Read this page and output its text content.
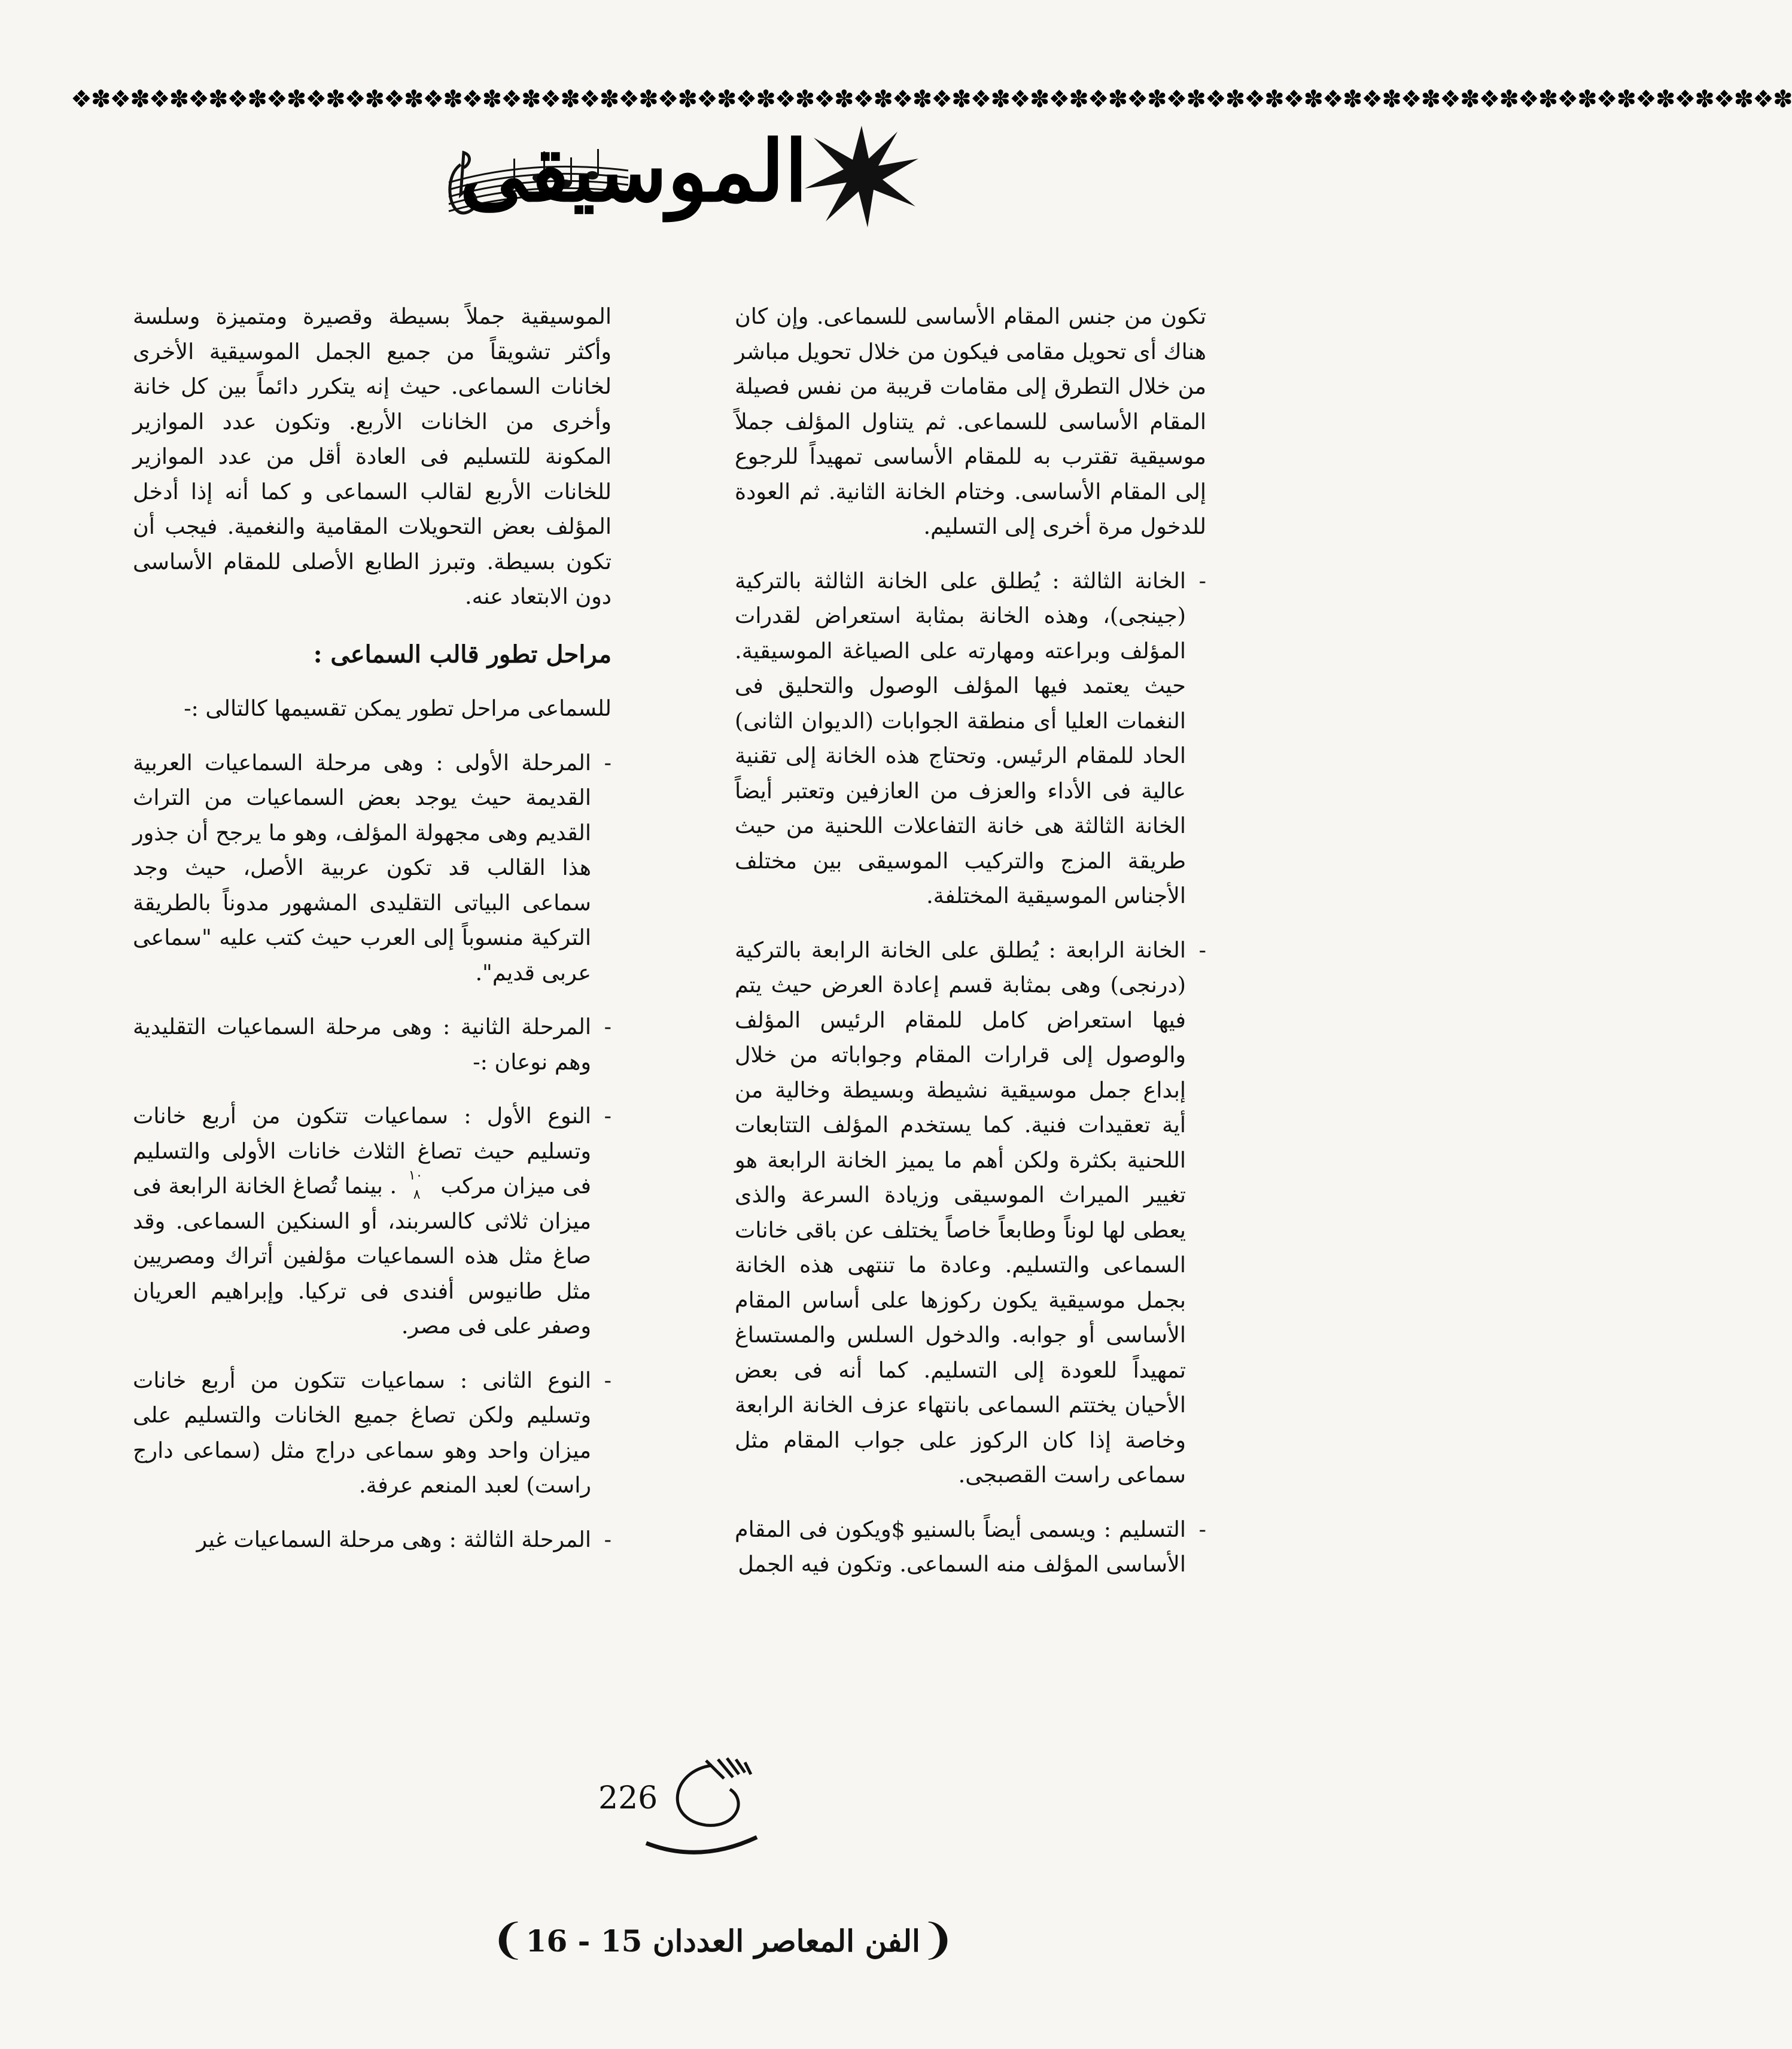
❖✽❖✽❖✽❖✽❖✽❖✽❖✽❖✽❖✽❖✽❖✽❖✽❖✽❖✽❖✽❖✽❖✽❖✽❖✽❖✽❖✽❖✽❖✽❖✽❖✽❖✽❖✽❖✽❖✽❖✽❖✽❖✽❖✽❖✽❖✽❖✽❖✽❖✽❖✽❖✽❖✽❖✽❖✽❖✽
الموسيقى

تكون من جنس المقام الأساسى للسماعى. وإن كان هناك أى تحويل مقامى فيكون من خلال تحويل مباشر من خلال التطرق إلى مقامات قريبة من نفس فصيلة المقام الأساسى للسماعى. ثم يتناول المؤلف جملاً موسيقية تقترب به للمقام الأساسى تمهيداً للرجوع إلى المقام الأساسى. وختام الخانة الثانية. ثم العودة للدخول مرة أخرى إلى التسليم.

- الخانة الثالثة : يُطلق على الخانة الثالثة بالتركية (جينجى)، وهذه الخانة بمثابة استعراض لقدرات المؤلف وبراعته ومهارته على الصياغة الموسيقية. حيث يعتمد فيها المؤلف الوصول والتحليق فى النغمات العليا أى منطقة الجوابات (الديوان الثانى) الحاد للمقام الرئيس. وتحتاج هذه الخانة إلى تقنية عالية فى الأداء والعزف من العازفين وتعتبر أيضاً الخانة الثالثة هى خانة التفاعلات اللحنية من حيث طريقة المزج والتركيب الموسيقى بين مختلف الأجناس الموسيقية المختلفة.

- الخانة الرابعة : يُطلق على الخانة الرابعة بالتركية (درنجى) وهى بمثابة قسم إعادة العرض حيث يتم فيها استعراض كامل للمقام الرئيس المؤلف والوصول إلى قرارات المقام وجواباته من خلال إبداع جمل موسيقية نشيطة وبسيطة وخالية من أية تعقيدات فنية. كما يستخدم المؤلف التتابعات اللحنية بكثرة ولكن أهم ما يميز الخانة الرابعة هو تغيير الميراث الموسيقى وزيادة السرعة والذى يعطى لها لوناً وطابعاً خاصاً يختلف عن باقى خانات السماعى والتسليم. وعادة ما تنتهى هذه الخانة بجمل موسيقية يكون ركوزها على أساس المقام الأساسى أو جوابه. والدخول السلس والمستساغ تمهيداً للعودة إلى التسليم. كما أنه فى بعض الأحيان يختتم السماعى بانتهاء عزف الخانة الرابعة وخاصة إذا كان الركوز على جواب المقام مثل سماعى راست القصبجى.

- التسليم : ويسمى أيضاً بالسنيو $ويكون فى المقام الأساسى المؤلف منه السماعى. وتكون فيه الجمل

الموسيقية جملاً بسيطة وقصيرة ومتميزة وسلسة وأكثر تشويقاً من جميع الجمل الموسيقية الأخرى لخانات السماعى. حيث إنه يتكرر دائماً بين كل خانة وأخرى من الخانات الأربع. وتكون عدد الموازير المكونة للتسليم فى العادة أقل من عدد الموازير للخانات الأربع لقالب السماعى و كما أنه إذا أدخل المؤلف بعض التحويلات المقامية والنغمية. فيجب أن تكون بسيطة. وتبرز الطابع الأصلى للمقام الأساسى دون الابتعاد عنه.

مراحل تطور قالب السماعى :

للسماعى مراحل تطور يمكن تقسيمها كالتالى :-

- المرحلة الأولى : وهى مرحلة السماعيات العربية القديمة حيث يوجد بعض السماعيات من التراث القديم وهى مجهولة المؤلف، وهو ما يرجح أن جذور هذا القالب قد تكون عربية الأصل، حيث وجد سماعى البياتى التقليدى المشهور مدوناً بالطريقة التركية منسوباً إلى العرب حيث كتب عليه "سماعى عربى قديم".

- المرحلة الثانية : وهى مرحلة السماعيات التقليدية وهم نوعان :-

- النوع الأول : سماعيات تتكون من أربع خانات وتسليم حيث تصاغ الثلاث خانات الأولى والتسليم فى ميزان مركب
١٠
٨
. بينما تُصاغ الخانة الرابعة فى ميزان ثلاثى كالسربند، أو السنكين السماعى. وقد صاغ مثل هذه السماعيات مؤلفين أتراك ومصريين مثل طانيوس أفندى فى تركيا. وإبراهيم العريان وصفر على فى مصر.

- النوع الثانى : سماعيات تتكون من أربع خانات وتسليم ولكن تصاغ جميع الخانات والتسليم على ميزان واحد وهو سماعى دراج مثل (سماعى دارج راست) لعبد المنعم عرفة.

- المرحلة الثالثة : وهى مرحلة السماعيات غير

226
❨الفن المعاصر العددان 15 - 16❩
